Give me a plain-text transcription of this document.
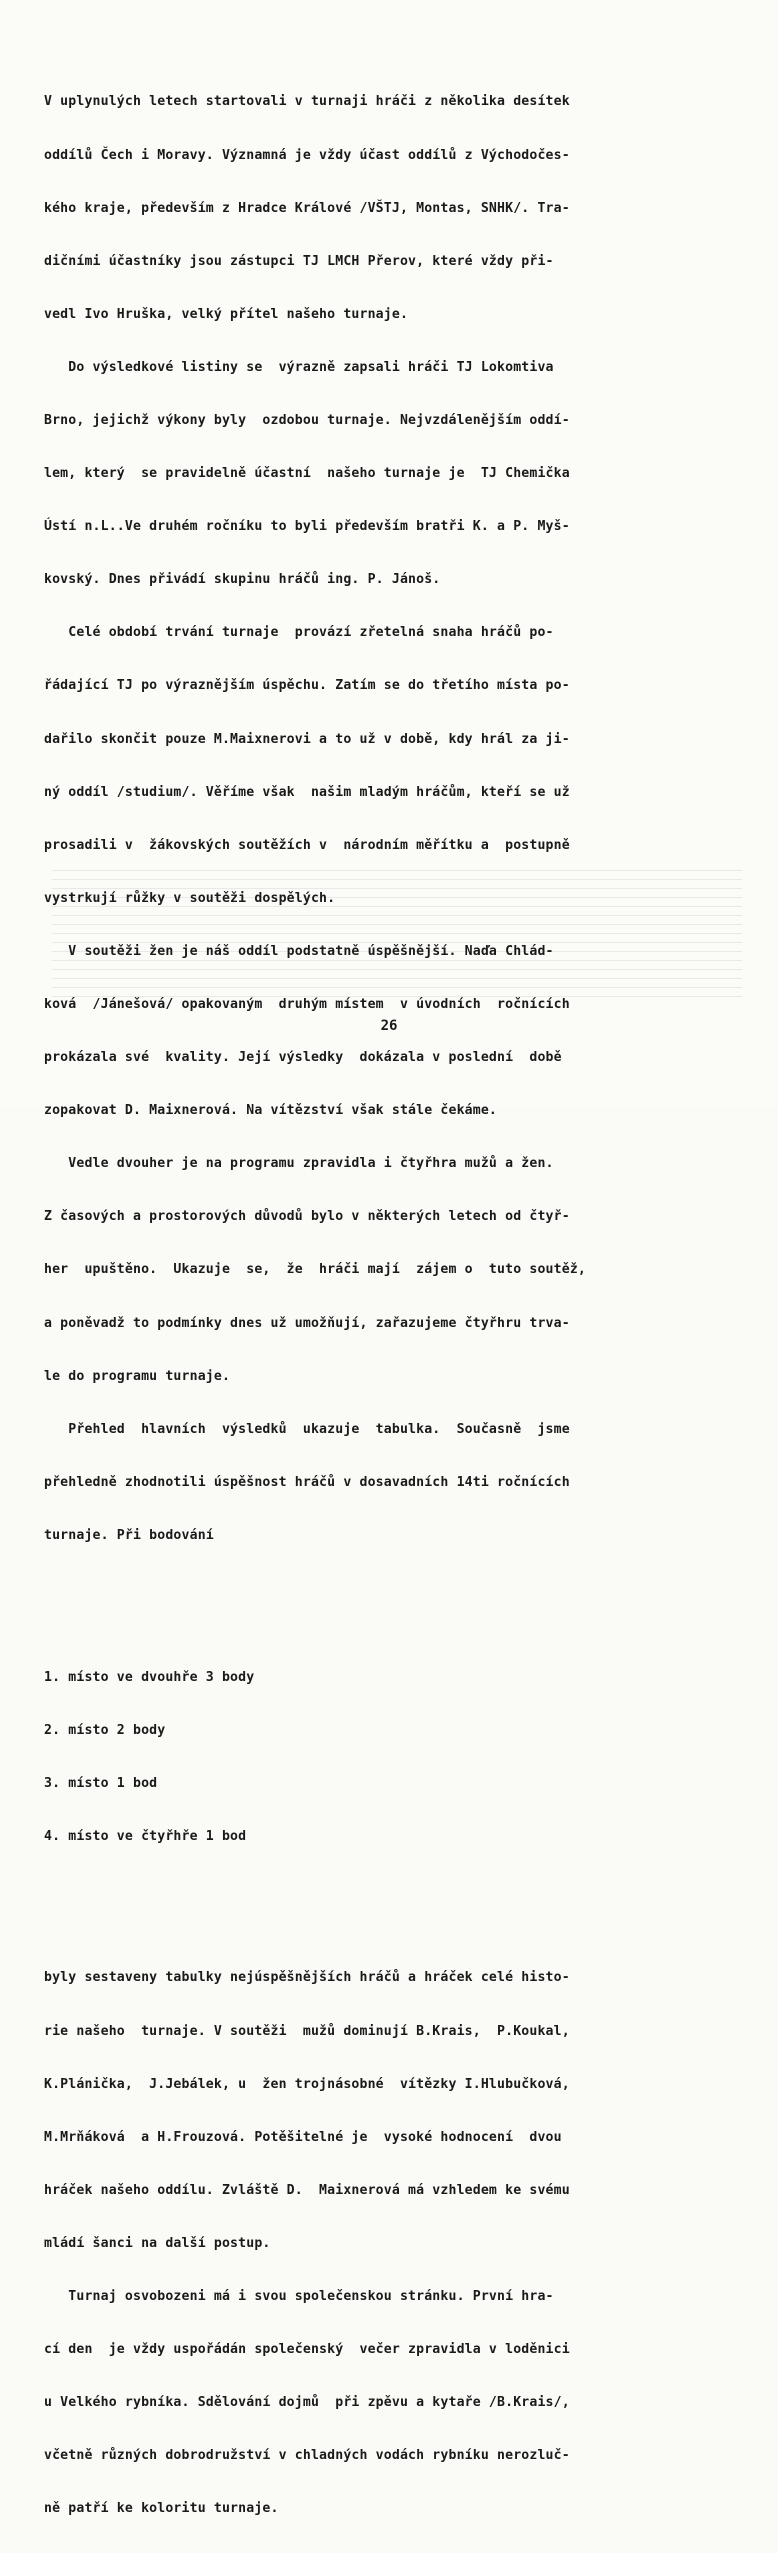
V uplynulých letech startovali v turnaji hráči z několika desítek

oddílů Čech i Moravy. Významná je vždy účast oddílů z Východočes-

kého kraje, především z Hradce Králové /VŠTJ, Montas, SNHK/. Tra-

dičními účastníky jsou zástupci TJ LMCH Přerov, které vždy při-

vedl Ivo Hruška, velký přítel našeho turnaje.

Do výsledkové listiny se  výrazně zapsali hráči TJ Lokomtiva

Brno, jejichž výkony byly  ozdobou turnaje. Nejvzdálenějším oddí-

lem, který  se pravidelně účastní  našeho turnaje je  TJ Chemička

Ústí n.L..Ve druhém ročníku to byli především bratři K. a P. Myš-

kovský. Dnes přivádí skupinu hráčů ing. P. Jánoš.

Celé období trvání turnaje  provází zřetelná snaha hráčů po-

řádající TJ po výraznějším úspěchu. Zatím se do třetího místa po-

dařilo skončit pouze M.Maixnerovi a to už v době, kdy hrál za ji-

ný oddíl /studium/. Věříme však  našim mladým hráčům, kteří se už

prosadili v  žákovských soutěžích v  národním měřítku a  postupně

vystrkují růžky v soutěži dospělých.

V soutěži žen je náš oddíl podstatně úspěšnější. Naďa Chlád-

ková  /Jánešová/ opakovaným  druhým místem  v úvodních  ročnících

prokázala své  kvality. Její výsledky  dokázala v poslední  době

zopakovat D. Maixnerová. Na vítězství však stále čekáme.

Vedle dvouher je na programu zpravidla i čtyřhra mužů a žen.

Z časových a prostorových důvodů bylo v některých letech od čtyř-

her  upuštěno.  Ukazuje  se,  že  hráči mají  zájem o  tuto soutěž,

a poněvadž to podmínky dnes už umožňují, zařazujeme čtyřhru trva-

le do programu turnaje.

Přehled  hlavních  výsledků  ukazuje  tabulka.  Současně  jsme

přehledně zhodnotili úspěšnost hráčů v dosavadních 14ti ročnících

turnaje. Při bodování

1. místo ve dvouhře 3 body

2. místo 2 body

3. místo 1 bod

4. místo ve čtyřhře 1 bod

byly sestaveny tabulky nejúspěšnějších hráčů a hráček celé histo-

rie našeho  turnaje. V soutěži  mužů dominují B.Krais,  P.Koukal,

K.Plánička,  J.Jebálek, u  žen trojnásobné  vítězky I.Hlubučková,

M.Mrňáková  a H.Frouzová. Potěšitelné je  vysoké hodnocení  dvou

hráček našeho oddílu. Zvláště D.  Maixnerová má vzhledem ke svému

mládí šanci na další postup.

Turnaj osvobozeni má i svou společenskou stránku. První hra-

cí den  je vždy uspořádán společenský  večer zpravidla v loděnici

u Velkého rybníka. Sdělování dojmů  při zpěvu a kytaře /B.Krais/,

včetně různých dobrodružství v chladných vodách rybníku nerozluč-

ně patří ke koloritu turnaje.

26
